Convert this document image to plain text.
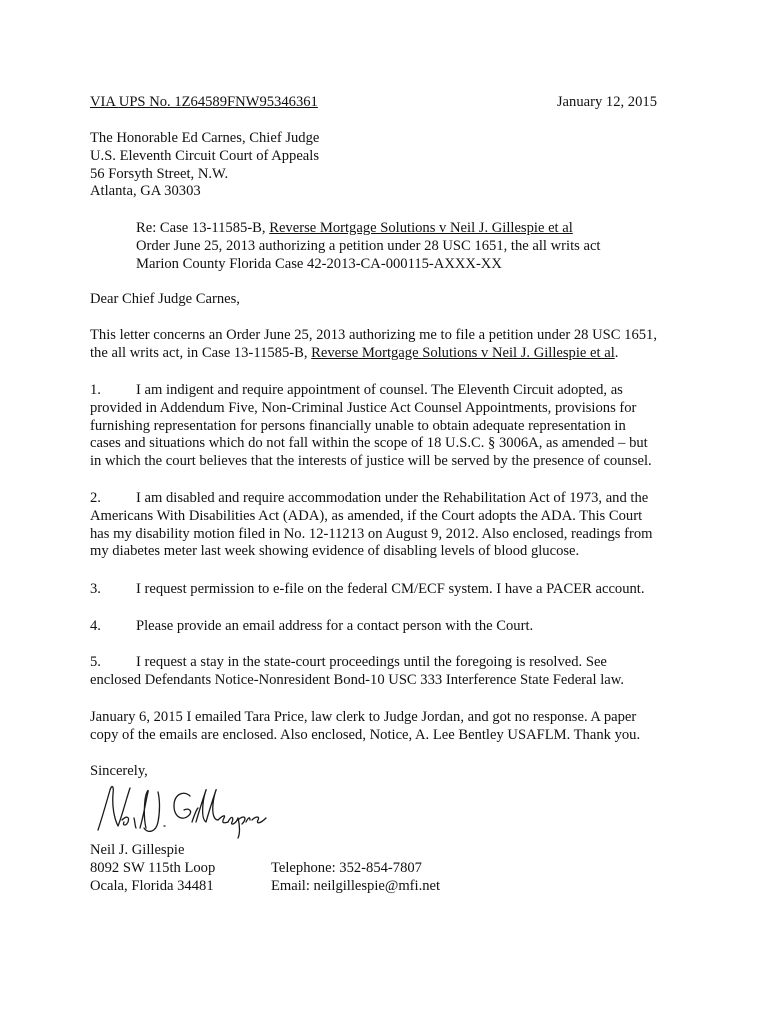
VIA UPS No. 1Z64589FNW95346361	January 12, 2015
The Honorable Ed Carnes, Chief Judge
U.S. Eleventh Circuit Court of Appeals
56 Forsyth Street, N.W.
Atlanta, GA 30303
Re: Case 13-11585-B, Reverse Mortgage Solutions v Neil J. Gillespie et al
Order June 25, 2013 authorizing a petition under 28 USC 1651, the all writs act
Marion County Florida Case 42-2013-CA-000115-AXXX-XX
Dear Chief Judge Carnes,
This letter concerns an Order June 25, 2013 authorizing me to file a petition under 28 USC 1651,
the all writs act, in Case 13-11585-B, Reverse Mortgage Solutions v Neil J. Gillespie et al.
1. I am indigent and require appointment of counsel. The Eleventh Circuit adopted, as
provided in Addendum Five, Non-Criminal Justice Act Counsel Appointments, provisions for
furnishing representation for persons financially unable to obtain adequate representation in
cases and situations which do not fall within the scope of 18 U.S.C. § 3006A, as amended – but
in which the court believes that the interests of justice will be served by the presence of counsel.
2. I am disabled and require accommodation under the Rehabilitation Act of 1973, and the
Americans With Disabilities Act (ADA), as amended, if the Court adopts the ADA. This Court
has my disability motion filed in No. 12-11213 on August 9, 2012. Also enclosed, readings from
my diabetes meter last week showing evidence of disabling levels of blood glucose.
3. I request permission to e-file on the federal CM/ECF system. I have a PACER account.
4. Please provide an email address for a contact person with the Court.
5. I request a stay in the state-court proceedings until the foregoing is resolved. See
enclosed Defendants Notice-Nonresident Bond-10 USC 333 Interference State Federal law.
January 6, 2015 I emailed Tara Price, law clerk to Judge Jordan, and got no response. A paper
copy of the emails are enclosed. Also enclosed, Notice, A. Lee Bentley USAFLM. Thank you.
Sincerely,
Neil J. Gillespie
8092 SW 115th Loop
Ocala, Florida 34481
Telephone: 352-854-7807
Email: neilgillespie@mfi.net
